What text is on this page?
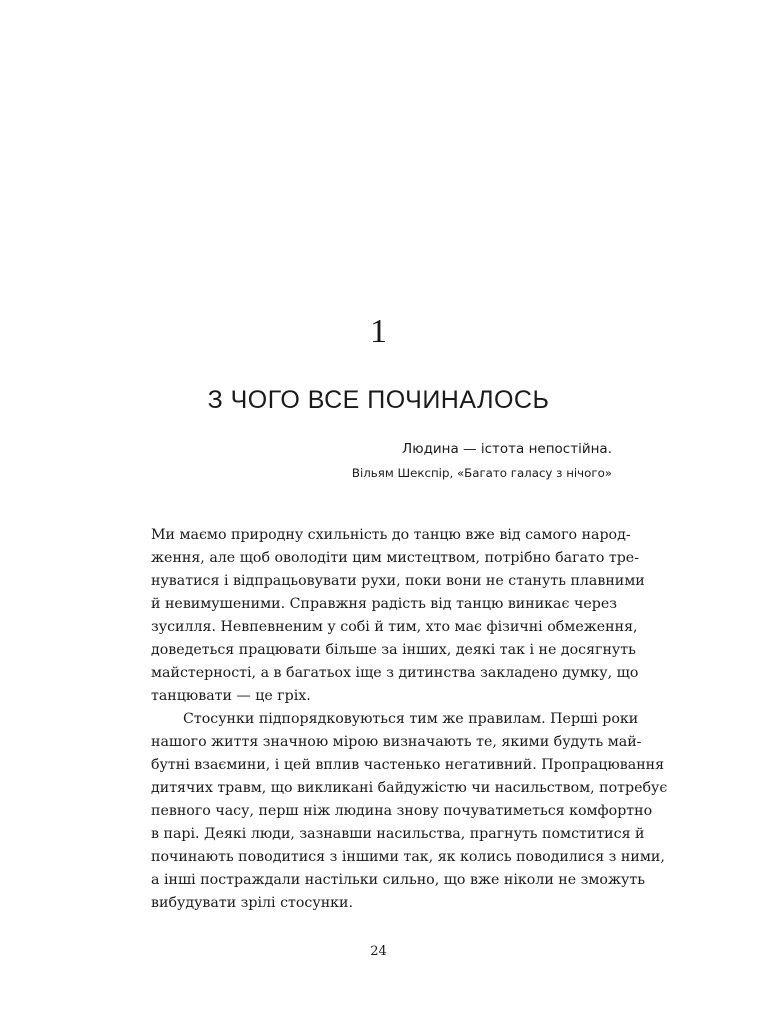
1
З ЧОГО ВСЕ ПОЧИНАЛОСЬ
Людина — істота непостійна.
Вільям Шекспір, «Багато галасу з нічого»
Ми маємо природну схильність до танцю вже від самого народ-
ження, але щоб оволодіти цим мистецтвом, потрібно багато тре-
нуватися і відпрацьовувати рухи, поки вони не стануть плавними
й невимушеними. Справжня радість від танцю виникає через
зусилля. Невпевненим у собі й тим, хто має фізичні обмеження,
доведеться працювати більше за інших, деякі так і не досягнуть
майстерності, а в багатьох іще з дитинства закладено думку, що
танцювати — це гріх.
Стосунки підпорядковуються тим же правилам. Перші роки
нашого життя значною мірою визначають те, якими будуть май-
бутні взаємини, і цей вплив частенько негативний. Пропрацювання
дитячих травм, що викликані байдужістю чи насильством, потребує
певного часу, перш ніж людина знову почуватиметься комфортно
в парі. Деякі люди, зазнавши насильства, прагнуть помститися й
починають поводитися з іншими так, як колись поводилися з ними,
а інші постраждали настільки сильно, що вже ніколи не зможуть
вибудувати зрілі стосунки.
24
